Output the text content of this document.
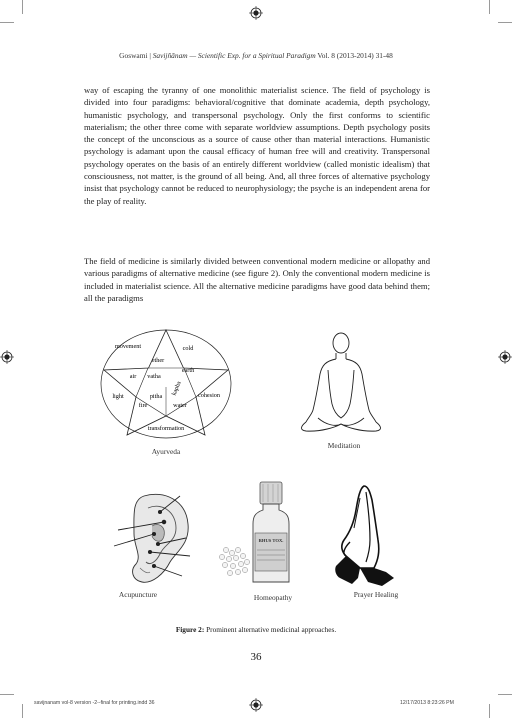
Goswami | Savijñānam — Scientific Exp. for a Spiritual Paradigm Vol. 8 (2013-2014) 31-48
way of escaping the tyranny of one monolithic materialist science. The field of psychology is divided into four paradigms: behavioral/cognitive that dominate academia, depth psychology, humanistic psychology, and transpersonal psychology. Only the first conforms to scientific materialism; the other three come with separate worldview assumptions. Depth psychology posits the concept of the unconscious as a source of cause other than material interactions. Humanistic psychology is adamant upon the causal efficacy of human free will and creativity. Transpersonal psychology operates on the basis of an entirely different worldview (called monistic idealism) that consciousness, not matter, is the ground of all being. And, all three forces of alternative psychology insist that psychology cannot be reduced to neurophysiology; the psyche is an independent arena for the play of reality.
The field of medicine is similarly divided between conventional modern medicine or allopathy and various paradigms of alternative medicine (see figure 2). Only the conventional modern medicine is included in materialist science. All the alternative medicine paradigms have good data behind them; all the paradigms
movement	cold
earth
cohesion
transformation
light
ether
air vatha
kapha
pitha
fire	water
Ayurveda
Meditation
Acupuncture
RHUS TOX.
Homeopathy	Prayer Healing
Figure 2: Prominent alternative medicinal approaches.
36
savijnanam vol-8 version -2--final for printing.indd 36	12/17/2013 8:23:26 PM
